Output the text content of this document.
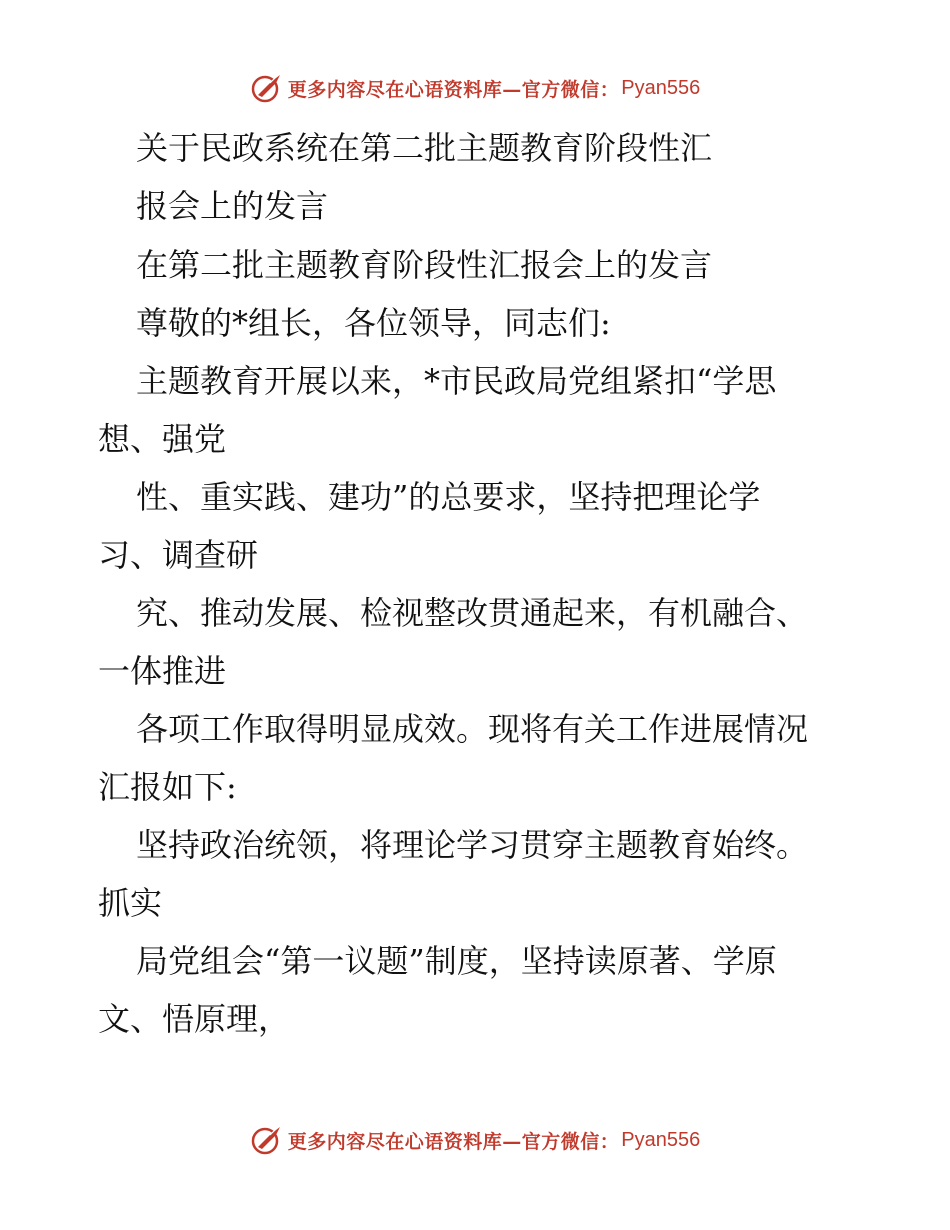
更多内容尽在心语资料库—官方微信： Pyan556
关于民政系统在第二批主题教育阶段性汇
报会上的发言
在第二批主题教育阶段性汇报会上的发言
尊敬的*组长，各位领导，同志们:
主题教育开展以来，*市民政局党组紧扣“学思
想、强党
性、重实践、建功”的总要求，坚持把理论学
习、调查研
究、推动发展、检视整改贯通起来，有机融合、
一体推进
各项工作取得明显成效。现将有关工作进展情况
汇报如下:
坚持政治统领，将理论学习贯穿主题教育始终。
抓实
局党组会“第一议题”制度，坚持读原著、学原
文、悟原理，
更多内容尽在心语资料库—官方微信： Pyan556
